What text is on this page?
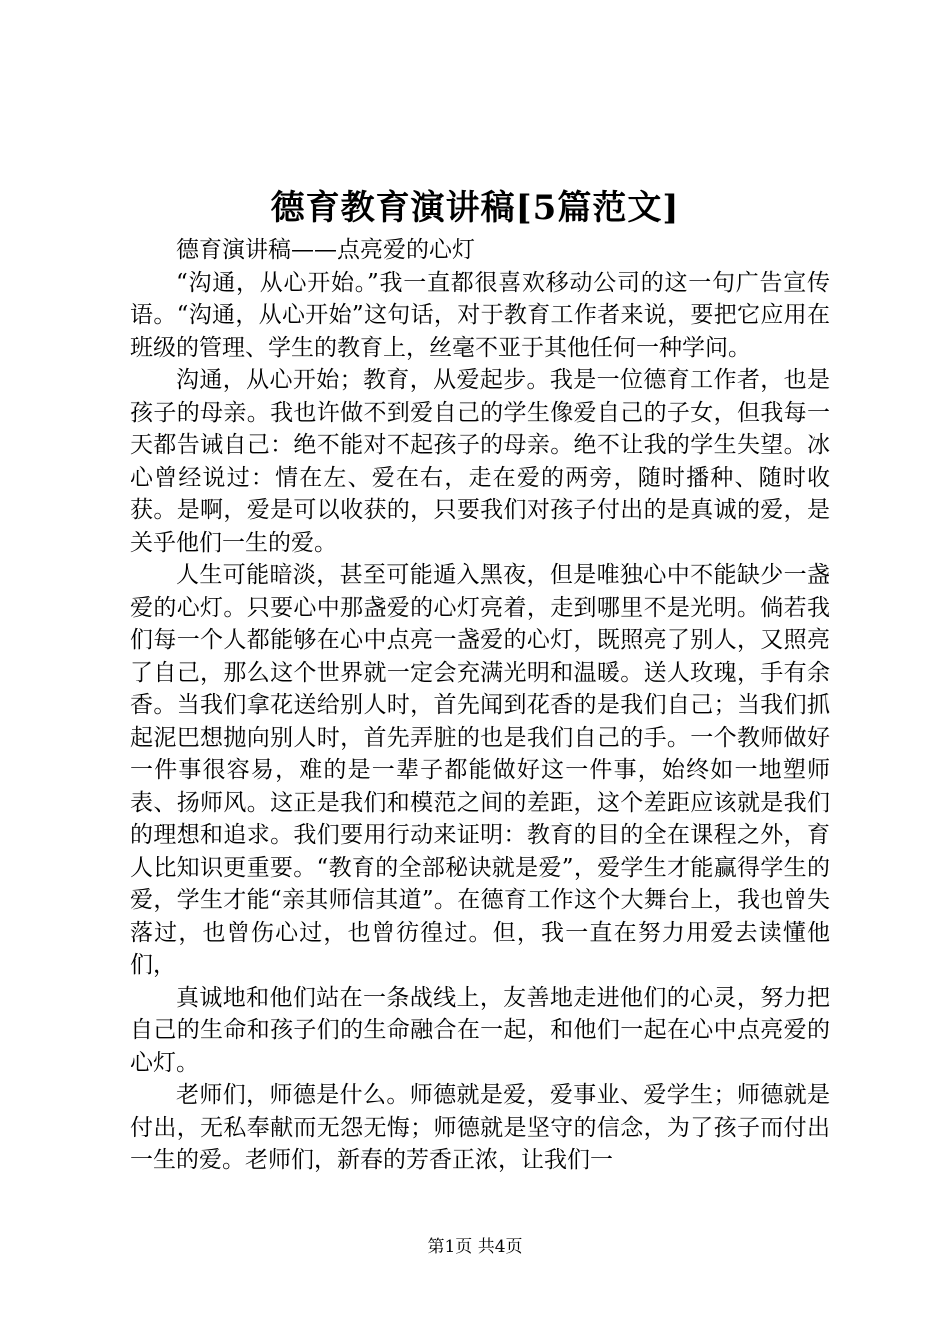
德育教育演讲稿[5篇范文]

德育演讲稿——点亮爱的心灯

“沟通，从心开始。”我一直都很喜欢移动公司的这一句广告宣传语。“沟通，从心开始”这句话，对于教育工作者来说，要把它应用在班级的管理、学生的教育上，丝毫不亚于其他任何一种学问。

沟通，从心开始；教育，从爱起步。我是一位德育工作者，也是孩子的母亲。我也许做不到爱自己的学生像爱自己的子女，但我每一天都告诫自己：绝不能对不起孩子的母亲。绝不让我的学生失望。冰心曾经说过：情在左、爱在右，走在爱的两旁，随时播种、随时收获。是啊，爱是可以收获的，只要我们对孩子付出的是真诚的爱，是关乎他们一生的爱。

人生可能暗淡，甚至可能遁入黑夜，但是唯独心中不能缺少一盏爱的心灯。只要心中那盏爱的心灯亮着，走到哪里不是光明。倘若我们每一个人都能够在心中点亮一盏爱的心灯，既照亮了别人，又照亮了自己，那么这个世界就一定会充满光明和温暖。送人玫瑰，手有余香。当我们拿花送给别人时，首先闻到花香的是我们自己；当我们抓起泥巴想抛向别人时，首先弄脏的也是我们自己的手。一个教师做好一件事很容易，难的是一辈子都能做好这一件事，始终如一地塑师表、扬师风。这正是我们和模范之间的差距，这个差距应该就是我们的理想和追求。我们要用行动来证明：教育的目的全在课程之外，育人比知识更重要。“教育的全部秘诀就是爱”，爱学生才能赢得学生的爱，学生才能“亲其师信其道”。在德育工作这个大舞台上，我也曾失落过，也曾伤心过，也曾彷徨过。但，我一直在努力用爱去读懂他们，

真诚地和他们站在一条战线上，友善地走进他们的心灵，努力把自己的生命和孩子们的生命融合在一起，和他们一起在心中点亮爱的心灯。

老师们，师德是什么。师德就是爱，爱事业、爱学生；师德就是付出，无私奉献而无怨无悔；师德就是坚守的信念，为了孩子而付出一生的爱。老师们，新春的芳香正浓，让我们一

第1页 共4页
